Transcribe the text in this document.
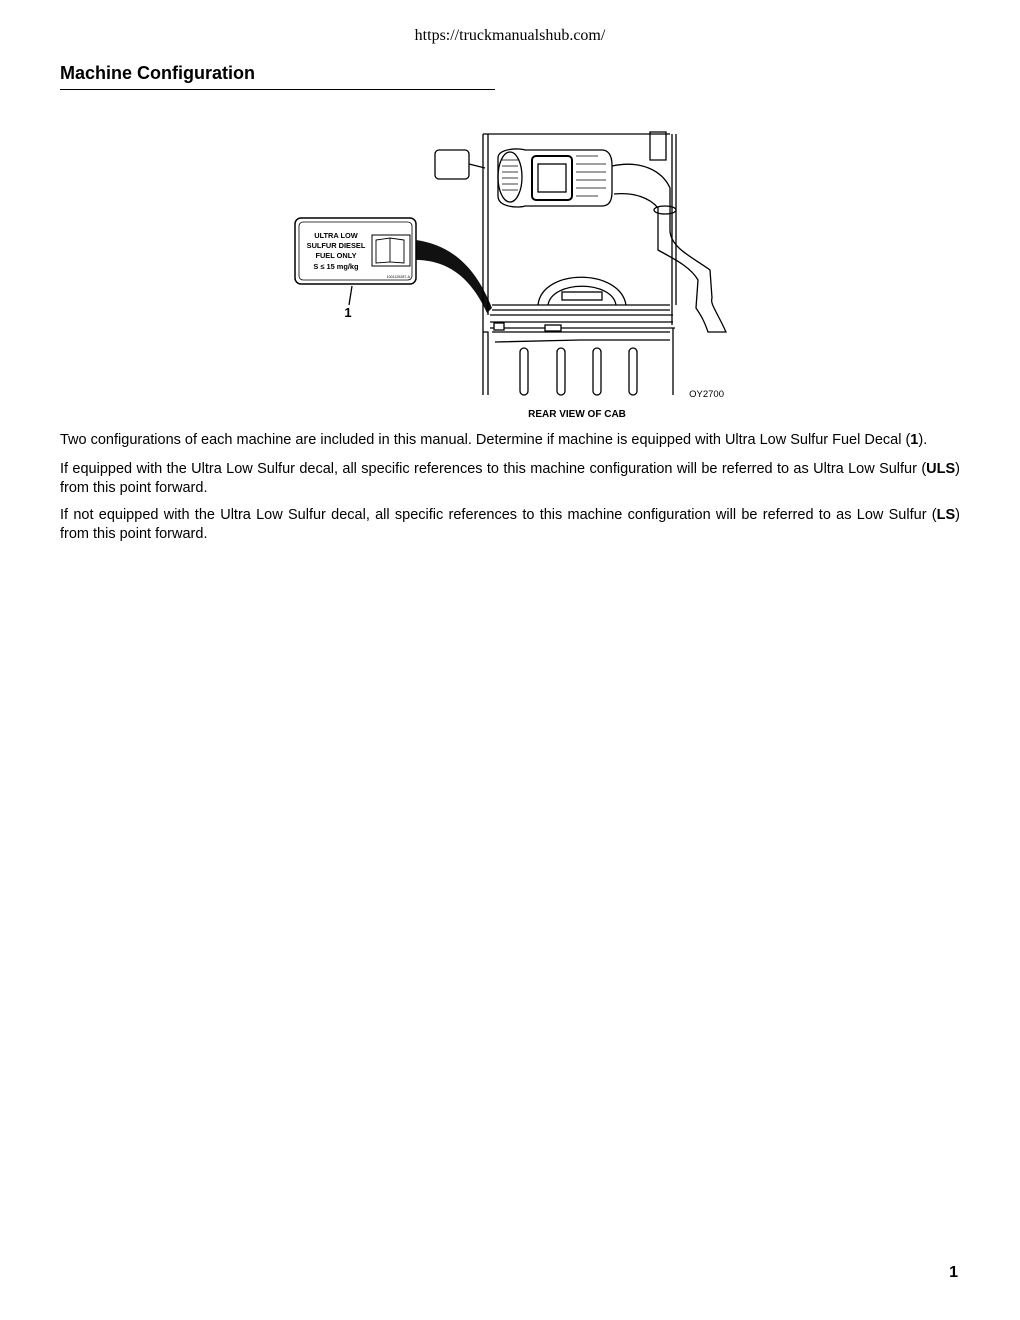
https://truckmanualshub.com/
Machine Configuration
ULTRA LOW
SULFUR DIESEL
FUEL ONLY
S ≤ 15 mg/kg
1001125287-A
1
OY2700
REAR VIEW OF CAB
Two configurations of each machine are included in this manual. Determine if machine is equipped with Ultra Low Sulfur Fuel Decal (1).
If equipped with the Ultra Low Sulfur decal, all specific references to this machine configuration will be referred to as Ultra Low Sulfur (ULS) from this point forward.
If not equipped with the Ultra Low Sulfur decal, all specific references to this machine configuration will be referred to as Low Sulfur (LS) from this point forward.
1
